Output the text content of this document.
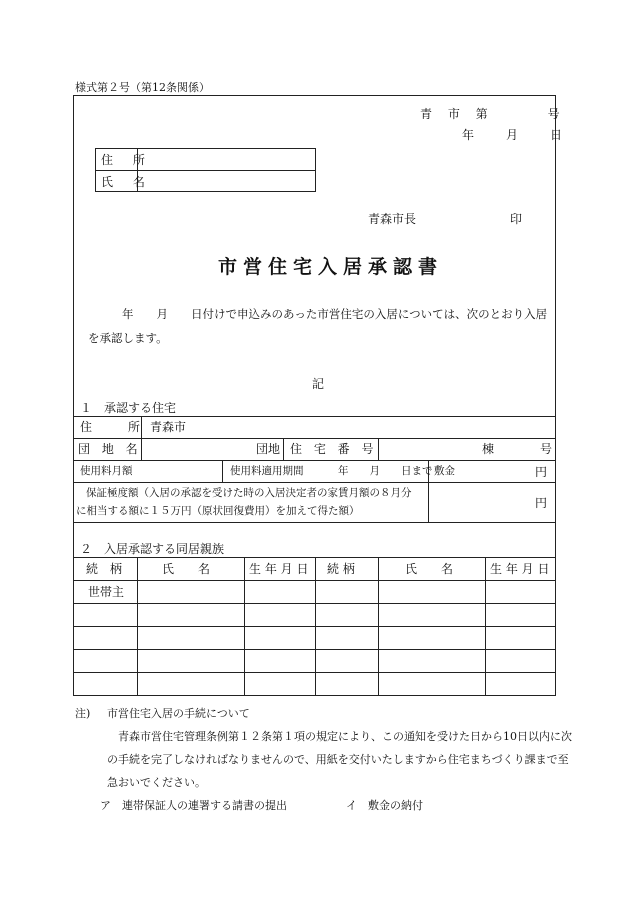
様式第２号（第12条関係）
青 市 第　　　号
年　月　日
住 所
氏 名
青森市長	印
市営住宅入居承認書
年　　月　　日付けで申込みのあった市営住宅の入居については、次のとおり入居
を承認します。
記
１　承認する住宅
住　　所 青森市
団 地 名	団地 住 宅 番 号	棟	号
使用料月額	使用料適用期間	年　　月　　日まで 敷金	円
保証極度額（入居の承認を受けた時の入居決定者の家賃月額の８月分
に相当する額に１５万円（原状回復費用）を加えて得た額）
円
２　入居承認する同居親族
続　柄	氏　　名	生 年 月 日 続 柄	氏　　名	生 年 月 日
世帯主
注) 市営住宅入居の手続について
青森市営住宅管理条例第１２条第１項の規定により、この通知を受けた日から10日以内に次
の手続を完了しなければなりませんので、用紙を交付いたしますから住宅まちづくり課まで至
急おいでください。
ア　連帯保証人の連署する請書の提出	イ　敷金の納付
